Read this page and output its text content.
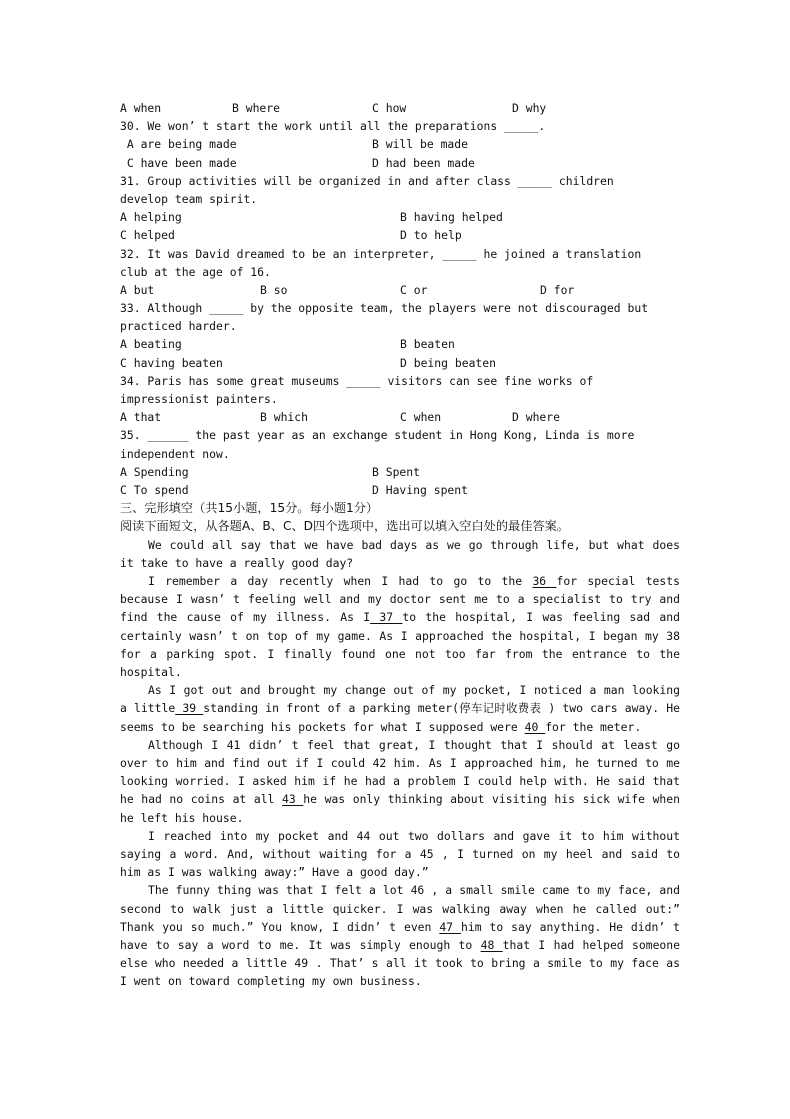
A when

	B where

	C how

	D why

30. We won’ t start the work until all the preparations _____.

A are being made

	B will be made

C have been made

	D had been made

31. Group activities will be organized in and after class _____ children
develop team spirit.

A helping

	B having helped

C helped

	D to help

32. It was David dreamed to be an interpreter, _____ he joined a translation
club at the age of 16.

A but

	B so

	C or

	D for

33. Although _____ by the opposite team, the players were not discouraged but
practiced harder.

A beating

	B beaten

C having beaten

	D being beaten

34. Paris has some great museums _____ visitors can see fine works of
impressionist painters.

A that

	B which

	C when

	D where

35. ______ the past year as an exchange student in Hong Kong, Linda is more
independent now.

A Spending

	B Spent

C To spend

	D Having spent

三、完形填空（共15小题，15分。每小题1分）
阅读下面短文，从各题A、B、C、D四个选项中，选出可以填入空白处的最佳答案。
We could all say that we have bad days as we go through life, but what does it take to have a really good day?
I remember a day recently when I had to go to the 36 for special tests because I wasn’ t feeling well and my doctor sent me to a specialist to try and find the cause of my illness. As I 37 to the hospital, I was feeling sad and certainly wasn’ t on top of my game. As I approached the hospital, I began my 38 for a parking spot. I finally found one not too far from the entrance to the hospital.
As I got out and brought my change out of my pocket, I noticed a man looking a little 39 standing in front of a parking meter(停车记时收费表 ) two cars away. He seems to be searching his pockets for what I supposed were 40 for the meter.
Although I 41 didn’ t feel that great, I thought that I should at least go over to him and find out if I could 42 him. As I approached him, he turned to me looking worried. I asked him if he had a problem I could help with. He said that he had no coins at all 43 he was only thinking about visiting his sick wife when he left his house.
I reached into my pocket and 44 out two dollars and gave it to him without saying a word. And, without waiting for a 45 , I turned on my heel and said to him as I was walking away:” Have a good day.”
The funny thing was that I felt a lot 46 , a small smile came to my face, and second to walk just a little quicker. I was walking away when he called out:” Thank you so much.” You know, I didn’ t even 47 him to say anything. He didn’ t have to say a word to me. It was simply enough to 48 that I had helped someone else who needed a little 49 . That’ s all it took to bring a smile to my face as I went on toward completing my own business.
